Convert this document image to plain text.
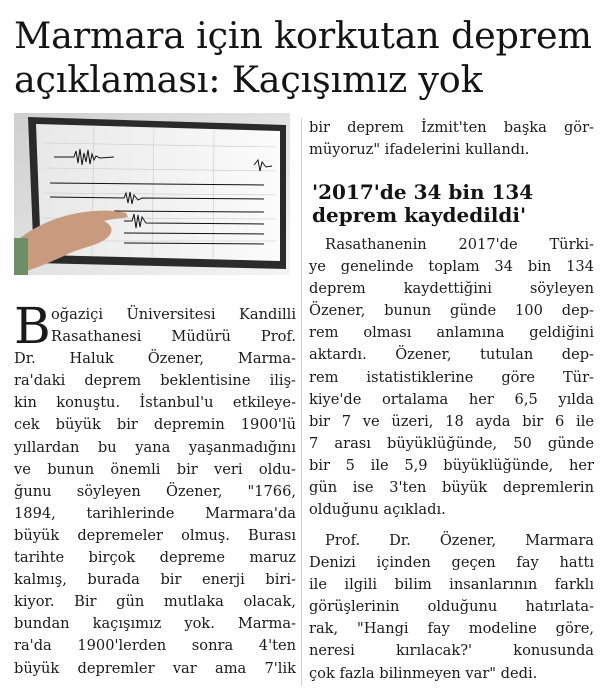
Marmara için korkutan deprem
açıklaması: Kaçışımız yok
B oğaziçi Üniversitesi Kandilli
Rasathanesi Müdürü Prof.
Dr. Haluk Özener, Marma-
ra'daki deprem beklentisine iliş-
kin konuştu. İstanbul'u etkileye-
cek büyük bir depremin 1900'lü
yıllardan bu yana yaşanmadığını
ve bunun önemli bir veri oldu-
ğunu söyleyen Özener, "1766,
1894, tarihlerinde Marmara'da
büyük depremeler olmuş. Burası
tarihte birçok depreme maruz
kalmış, burada bir enerji biri-
kiyor. Bir gün mutlaka olacak,
bundan kaçışımız yok. Marma-
ra'da 1900'lerden sonra 4'ten
büyük depremler var ama 7'lik
bir deprem İzmit'ten başka gör-
müyoruz" ifadelerini kullandı.
'2017'de 34 bin 134
deprem kaydedildi'
Rasathanenin 2017'de Türki-
ye genelinde toplam 34 bin 134
deprem kaydettiğini söyleyen
Özener, bunun günde 100 dep-
rem olması anlamına geldiğini
aktardı. Özener, tutulan dep-
rem istatistiklerine göre Tür-
kiye'de ortalama her 6,5 yılda
bir 7 ve üzeri, 18 ayda bir 6 ile
7 arası büyüklüğünde, 50 günde
bir 5 ile 5,9 büyüklüğünde, her
gün ise 3'ten büyük depremlerin
olduğunu açıkladı.
Prof. Dr. Özener, Marmara
Denizi içinden geçen fay hattı
ile ilgili bilim insanlarının farklı
görüşlerinin olduğunu hatırlata-
rak, "Hangi fay modeline göre,
neresi kırılacak?' konusunda
çok fazla bilinmeyen var" dedi.
